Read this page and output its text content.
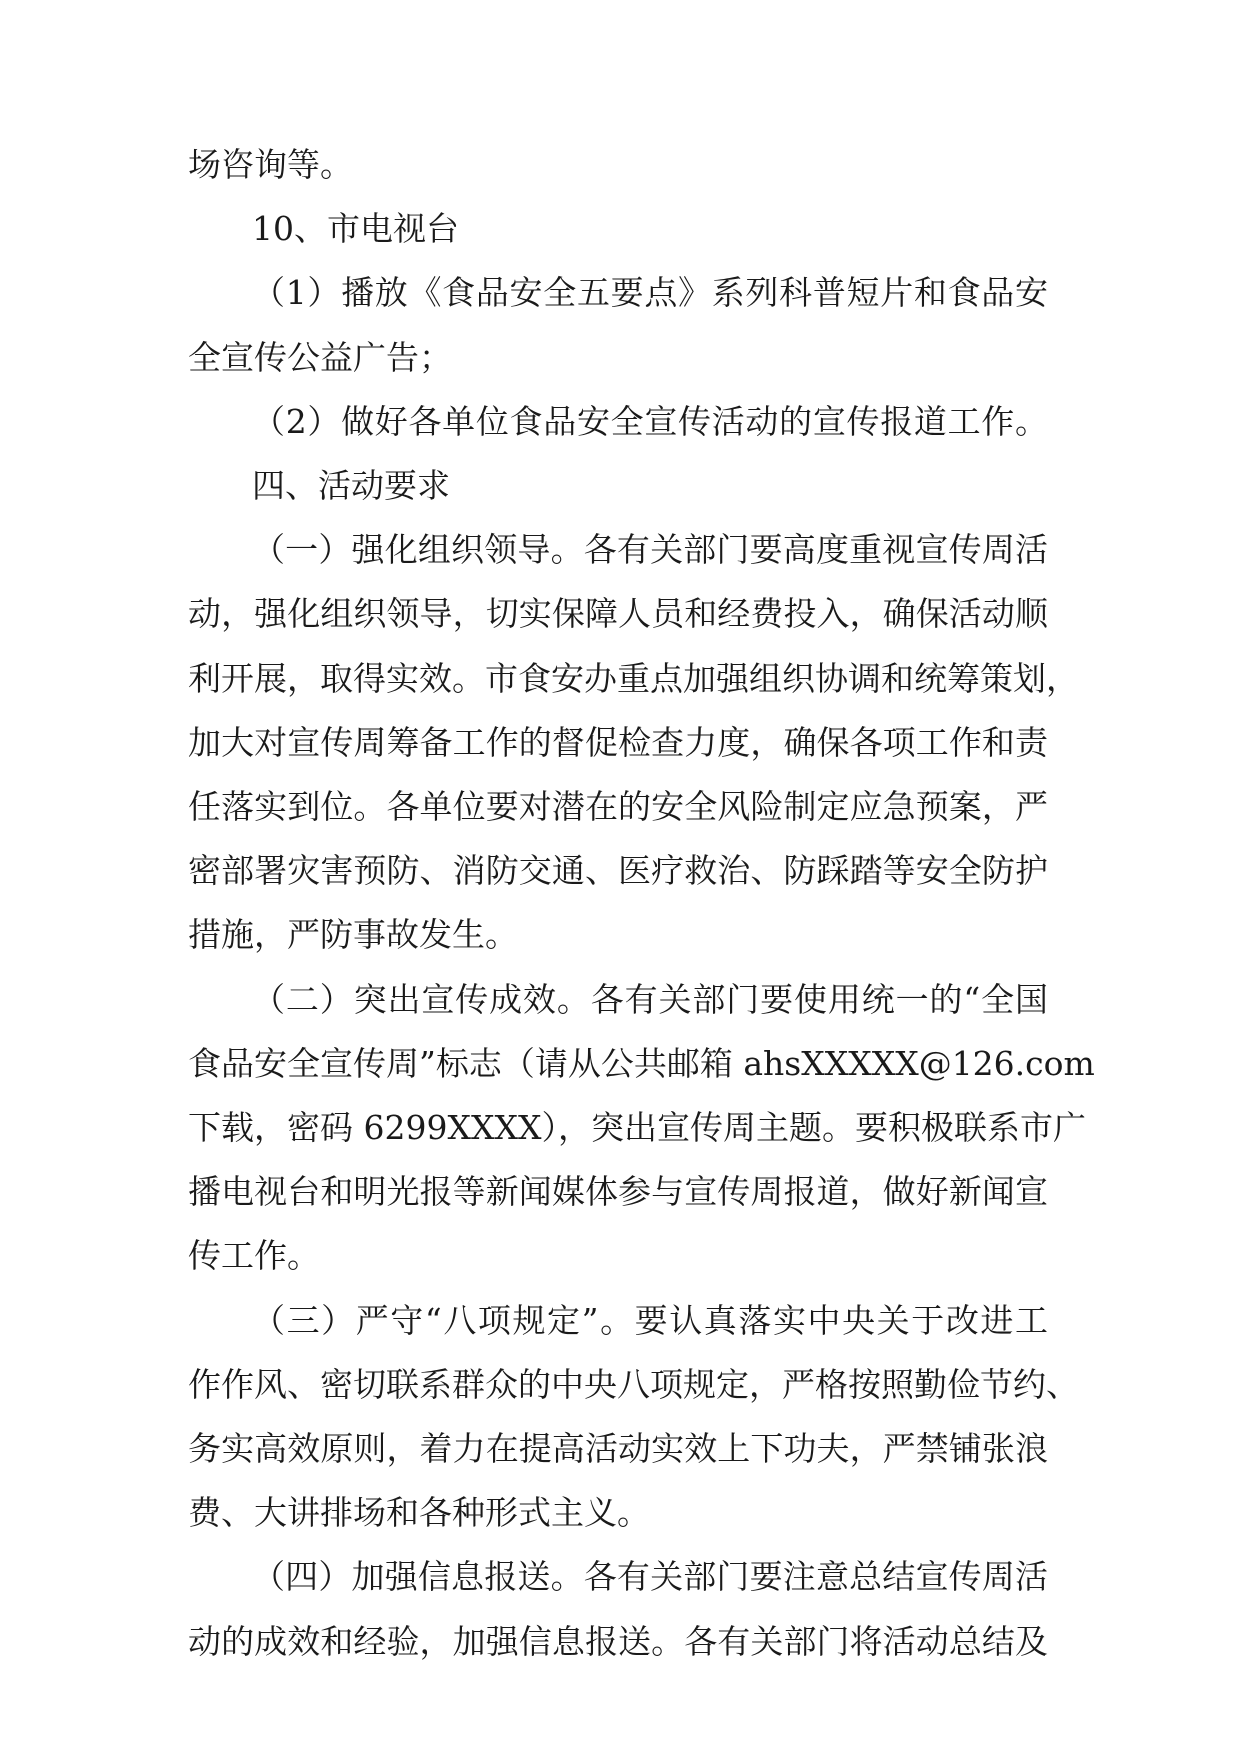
场咨询等。
10、市电视台
（1）播放《食品安全五要点》系列科普短片和食品安
全宣传公益广告；
（2）做好各单位食品安全宣传活动的宣传报道工作。
四、活动要求
（一）强化组织领导。各有关部门要高度重视宣传周活
动，强化组织领导，切实保障人员和经费投入，确保活动顺
利开展，取得实效。市食安办重点加强组织协调和统筹策划，
加大对宣传周筹备工作的督促检查力度，确保各项工作和责
任落实到位。各单位要对潜在的安全风险制定应急预案，严
密部署灾害预防、消防交通、医疗救治、防踩踏等安全防护
措施，严防事故发生。
（二）突出宣传成效。各有关部门要使用统一的“全国
食品安全宣传周”标志（请从公共邮箱 ahsXXXXX@126.com
下载，密码 6299XXXX），突出宣传周主题。要积极联系市广
播电视台和明光报等新闻媒体参与宣传周报道，做好新闻宣
传工作。
（三）严守“八项规定”。要认真落实中央关于改进工
作作风、密切联系群众的中央八项规定，严格按照勤俭节约、
务实高效原则，着力在提高活动实效上下功夫，严禁铺张浪
费、大讲排场和各种形式主义。
（四）加强信息报送。各有关部门要注意总结宣传周活
动的成效和经验，加强信息报送。各有关部门将活动总结及
